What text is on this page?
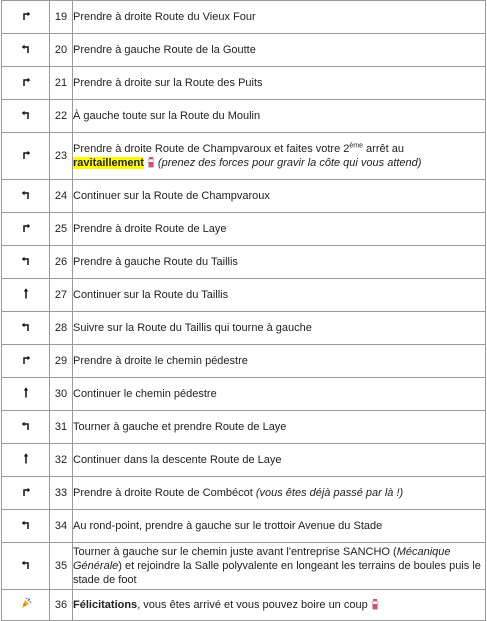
	19	Prendre à droite Route du Vieux Four
	20	Prendre à gauche Route de la Goutte
	21	Prendre à droite sur la Route des Puits
	22	À gauche toute sur la Route du Moulin
	23	Prendre à droite Route de Champvaroux et faites votre 2ème arrêt au
ravitaillement (prenez des forces pour gravir la côte qui vous attend)
	24	Continuer sur la Route de Champvaroux
	25	Prendre à droite Route de Laye
	26	Prendre à gauche Route du Taillis
	27	Continuer sur la Route du Taillis
	28	Suivre sur la Route du Taillis qui tourne à gauche
	29	Prendre à droite le chemin pédestre
	30	Continuer le chemin pédestre
	31	Tourner à gauche et prendre Route de Laye
	32	Continuer dans la descente Route de Laye
	33	Prendre à droite Route de Combécot (vous êtes déjà passé par là !)
	34	Au rond-point, prendre à gauche sur le trottoir Avenue du Stade
	35	Tourner à gauche sur le chemin juste avant l'entreprise SANCHO (Mécanique Générale) et rejoindre la Salle polyvalente en longeant les terrains de boules puis le stade de foot
	36	Félicitations, vous êtes arrivé et vous pouvez boire un coup
